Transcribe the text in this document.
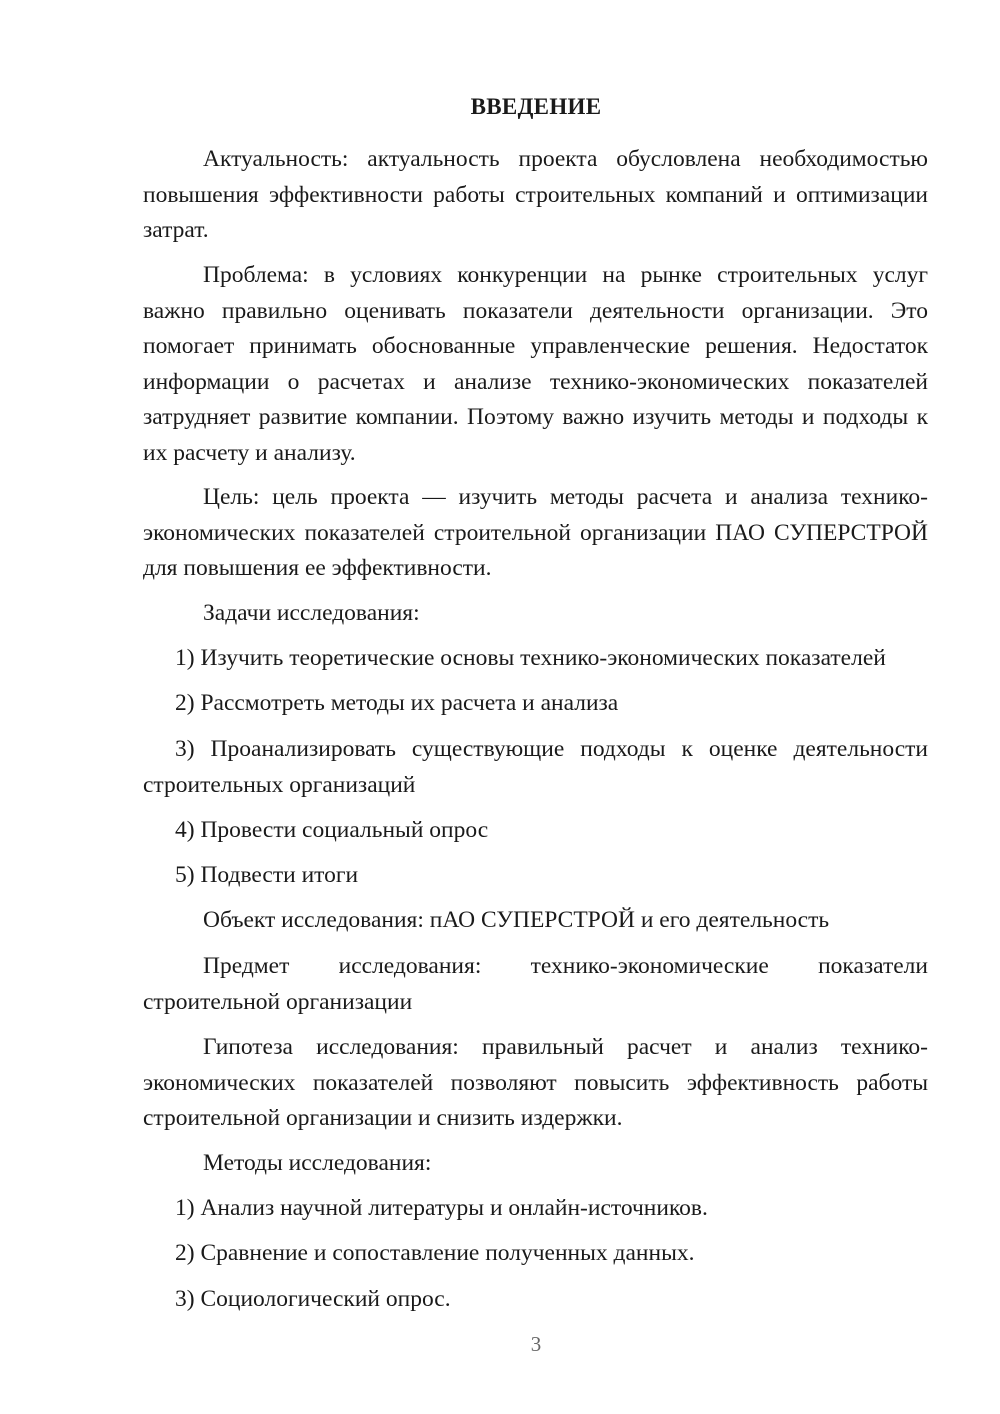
ВВЕДЕНИЕ

Актуальность: актуальность проекта обусловлена необходимостью повышения эффективности работы строительных компаний и оптимизации затрат.

Проблема: в условиях конкуренции на рынке строительных услуг важно правильно оценивать показатели деятельности организации. Это помогает принимать обоснованные управленческие решения. Недостаток информации о расчетах и анализе технико-экономических показателей затрудняет развитие компании. Поэтому важно изучить методы и подходы к их расчету и анализу.

Цель: цель проекта — изучить методы расчета и анализа технико-экономических показателей строительной организации ПАО СУПЕРСТРОЙ для повышения ее эффективности.

Задачи исследования:

1) Изучить теоретические основы технико-экономических показателей

2) Рассмотреть методы их расчета и анализа

3) Проанализировать существующие подходы к оценке деятельности строительных организаций

4) Провести социальный опрос

5) Подвести итоги

Объект исследования: пАО СУПЕРСТРОЙ и его деятельность

Предмет исследования: технико-экономические показатели строительной организации

Гипотеза исследования: правильный расчет и анализ технико-экономических показателей позволяют повысить эффективность работы строительной организации и снизить издержки.

Методы исследования:

1) Анализ научной литературы и онлайн-источников.

2) Сравнение и сопоставление полученных данных.

3) Социологический опрос.

3
